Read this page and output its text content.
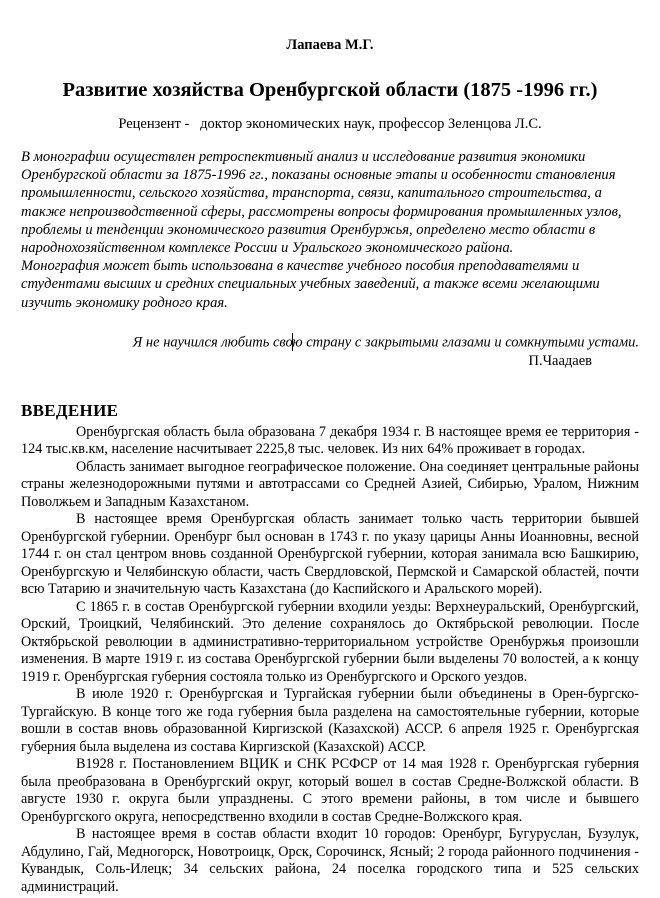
Лапаева М.Г.
Развитие хозяйства Оренбургской области (1875 -1996 гг.)
Рецензент -   доктор экономических наук, профессор Зеленцова Л.С.

В монографии осуществлен ретроспективный анализ и исследование развития экономики Оренбургской области за 1875-1996 гг., показаны основные этапы и особенности становления промышленности, сельского хозяйства, транспорта, связи, капитального строительства, а также непроизводственной сферы, рассмотрены вопросы формирования промышленных узлов, проблемы и тенденции экономического развития Оренбуржья, определено место области в народнохозяйственном комплексе России и Уральского экономического района.

Монография может быть использована в качестве учебного пособия преподавателями и студентами высших и средних специальных учебных заведений, а также всеми желающими изучить экономику родного края.

Я не научился любить свою страну с закрытыми глазами и сомкнутыми устами.
П.Чаадаев
ВВЕДЕНИЕ

Оренбургская область была образована 7 декабря 1934 г. В настоящее время ее территория - 124 тыс.кв.км, население насчитывает 2225,8 тыс. человек. Из них 64% проживает в городах.

Область занимает выгодное географическое положение. Она соединяет центральные районы страны железнодорожными путями и автотрассами со Средней Азией, Сибирью, Уралом, Нижним Поволжьем и Западным Казахстаном.

В настоящее время Оренбургская область занимает только часть территории бывшей Оренбургской губернии. Оренбург был основан в 1743 г. по указу царицы Анны Иоанновны, весной 1744 г. он стал центром вновь созданной Оренбургской губернии, которая занимала всю Башкирию, Оренбургскую и Челябинскую области, часть Свердловской, Пермской и Самарской областей, почти всю Татарию и значительную часть Казахстана (до Каспийского и Аральского морей).

С 1865 г. в состав Оренбургской губернии входили уезды: Верхнеуральский, Оренбургский, Орский, Троицкий, Челябинский. Это деление сохранялось до Октябрьской революции. После Октябрьской революции в административно-территориальном устройстве Оренбуржья произошли изменения. В марте 1919 г. из состава Оренбургской губернии были выделены 70 волостей, а к концу 1919 г. Оренбургская губерния состояла только из Оренбургского и Орского уездов.

В июле 1920 г. Оренбургская и Тургайская губернии были объединены в Орен-бургско-Тургайскую. В конце того же года губерния была разделена на самостоятельные губернии, которые вошли в состав вновь образованной Киргизской (Казахской) АССР. 6 апреля 1925 г. Оренбургская губерния была выделена из состава Киргизской (Казахской) АССР.

В1928 г. Постановлением ВЦИК и СНК РСФСР от 14 мая 1928 г. Оренбургская губерния была преобразована в Оренбургский округ, который вошел в состав Средне-Волжской области. В августе 1930 г. округа были упразднены. С этого времени районы, в том числе и бывшего Оренбургского округа, непосредственно входили в состав Средне-Волжского края.

В настоящее время в состав области входит 10 городов: Оренбург, Бугуруслан, Бузулук, Абдулино, Гай, Медногорск, Новотроицк, Орск, Сорочинск, Ясный; 2 города районного подчинения - Кувандык, Соль-Илецк; 34 сельских района, 24 поселка городского типа и 525 сельских администраций.
